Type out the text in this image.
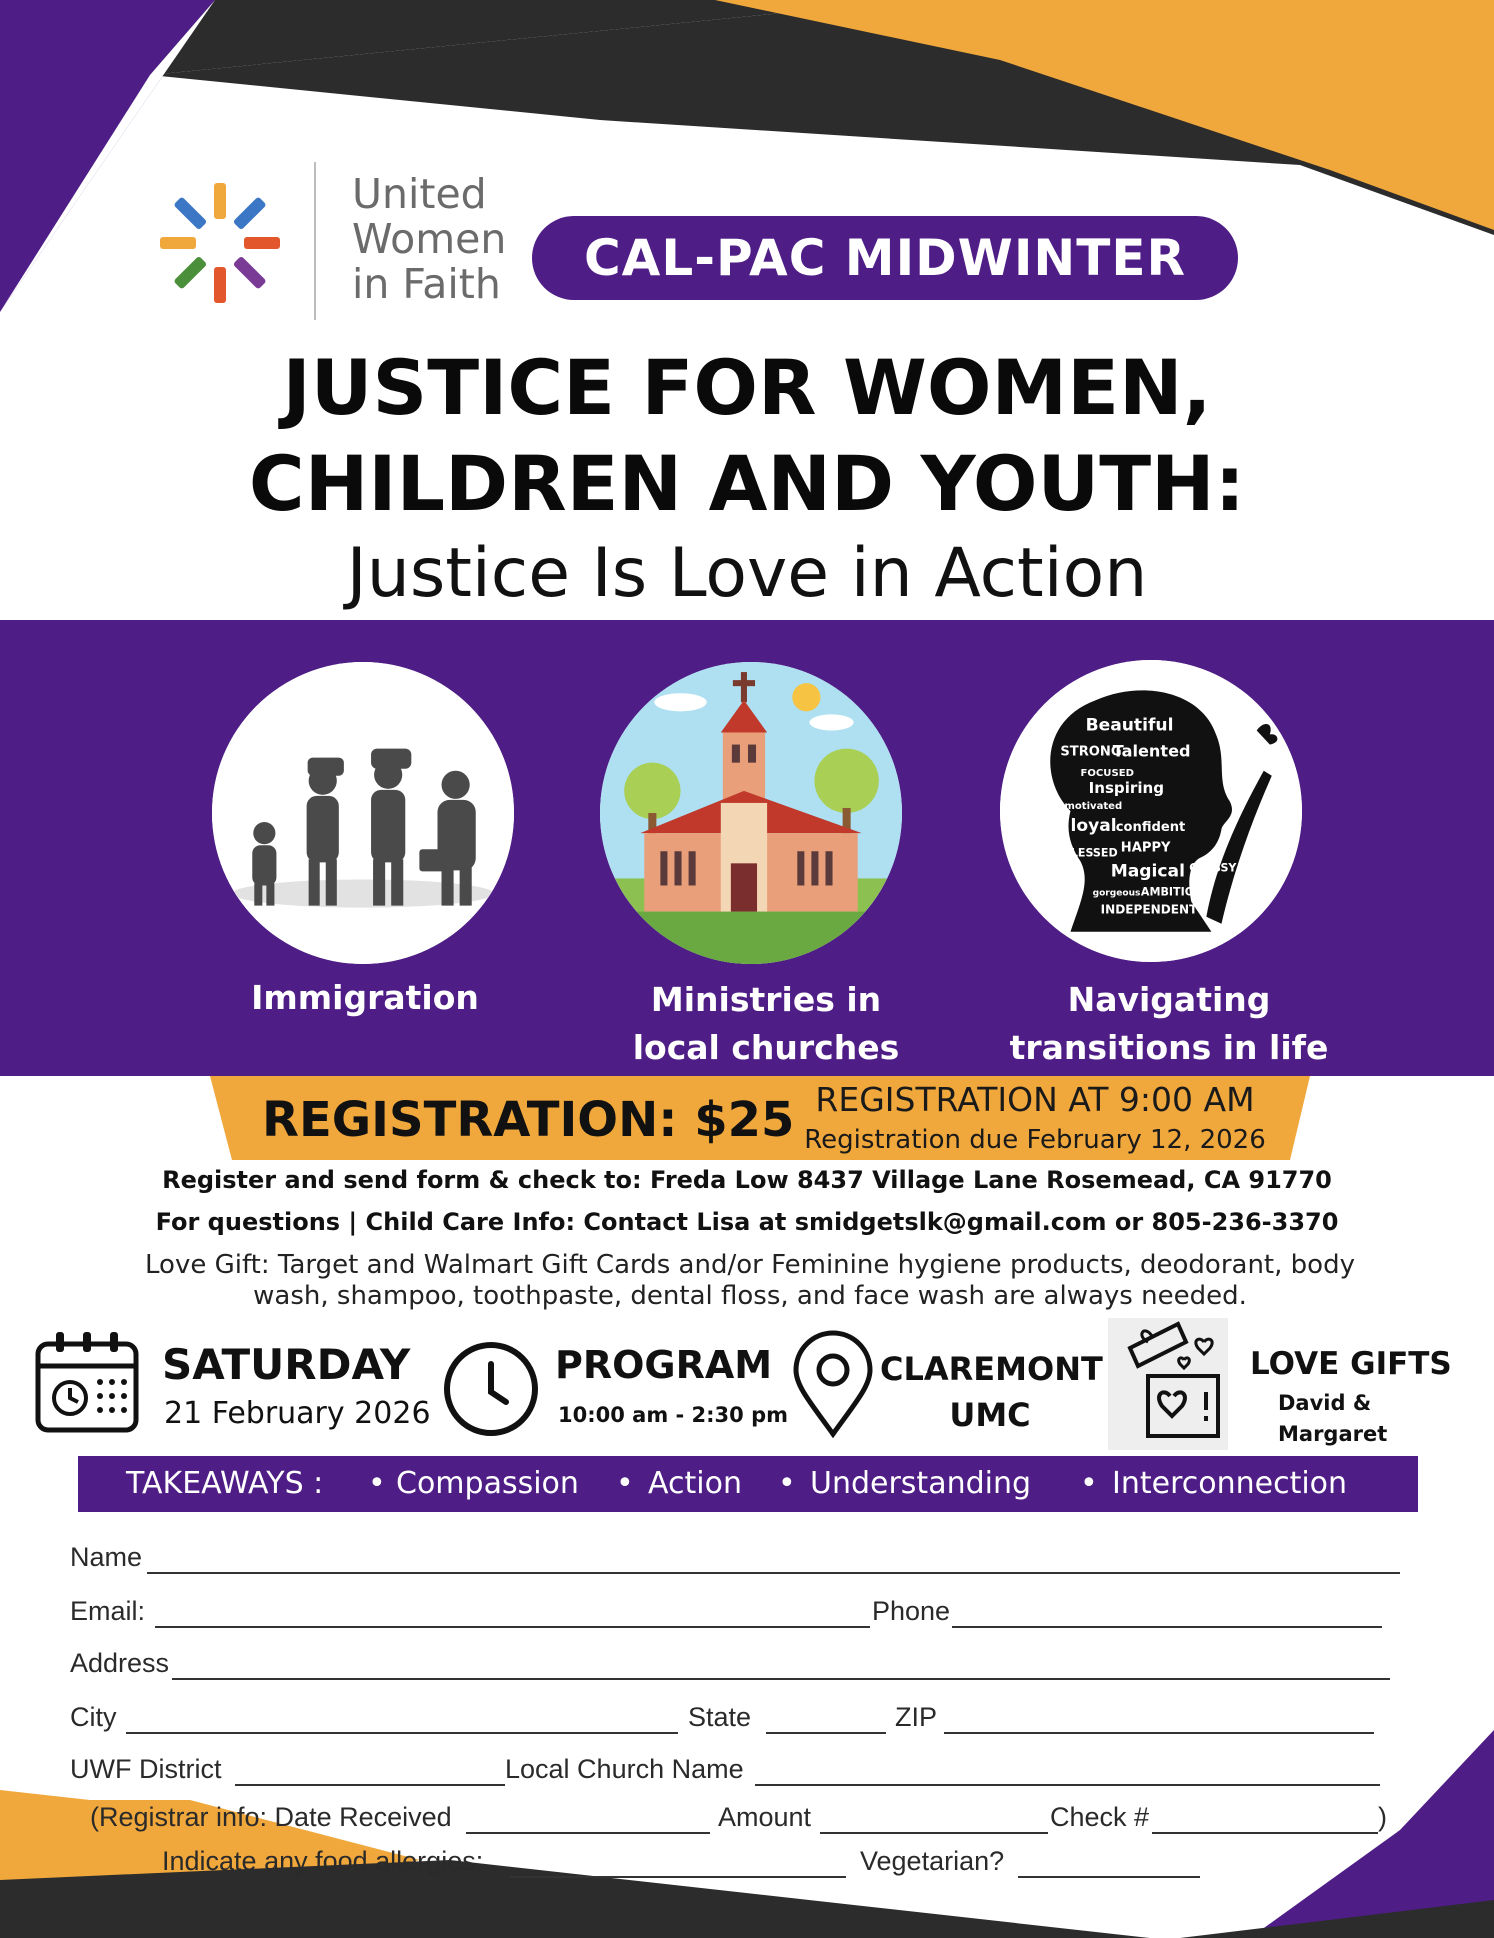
United
Women
in Faith	CAL-PAC MIDWINTER
JUSTICE FOR WOMEN,
CHILDREN AND YOUTH:
Justice Is Love in Action
Beautiful
Talented
STRONG
FOCUSED
Inspiring
motivated
loyal confident
HAPPY
BLESSED
Magical
gorgeous AMBITIOUS
INDEPENDENT
CLASSY
Immigration	Ministries in
local churches
Navigating
transitions in life
REGISTRATION: $25 REGISTRATION AT 9:00 AM
Registration due February 12, 2026
Register and send form & check to: Freda Low 8437 Village Lane Rosemead, CA 91770
For questions | Child Care Info: Contact Lisa at smidgetslk@gmail.com or 805-236-3370
Love Gift: Target and Walmart Gift Cards and/or Feminine hygiene products, deodorant, body
wash, shampoo, toothpaste, dental floss, and face wash are always needed.
SATURDAY
21 February 2026
PROGRAM
10:00 am - 2:30 pm
CLAREMONT
UMC
LOVE GIFTS
David &
Margaret
TAKEAWAYS : • Compassion • Action • Understanding • Interconnection
Name
Email:	Phone
Address
City	State	ZIP
UWF District	Local Church Name
(Registrar info: Date Received	Amount	Check #	)
Indicate any food allergies:	Vegetarian?
